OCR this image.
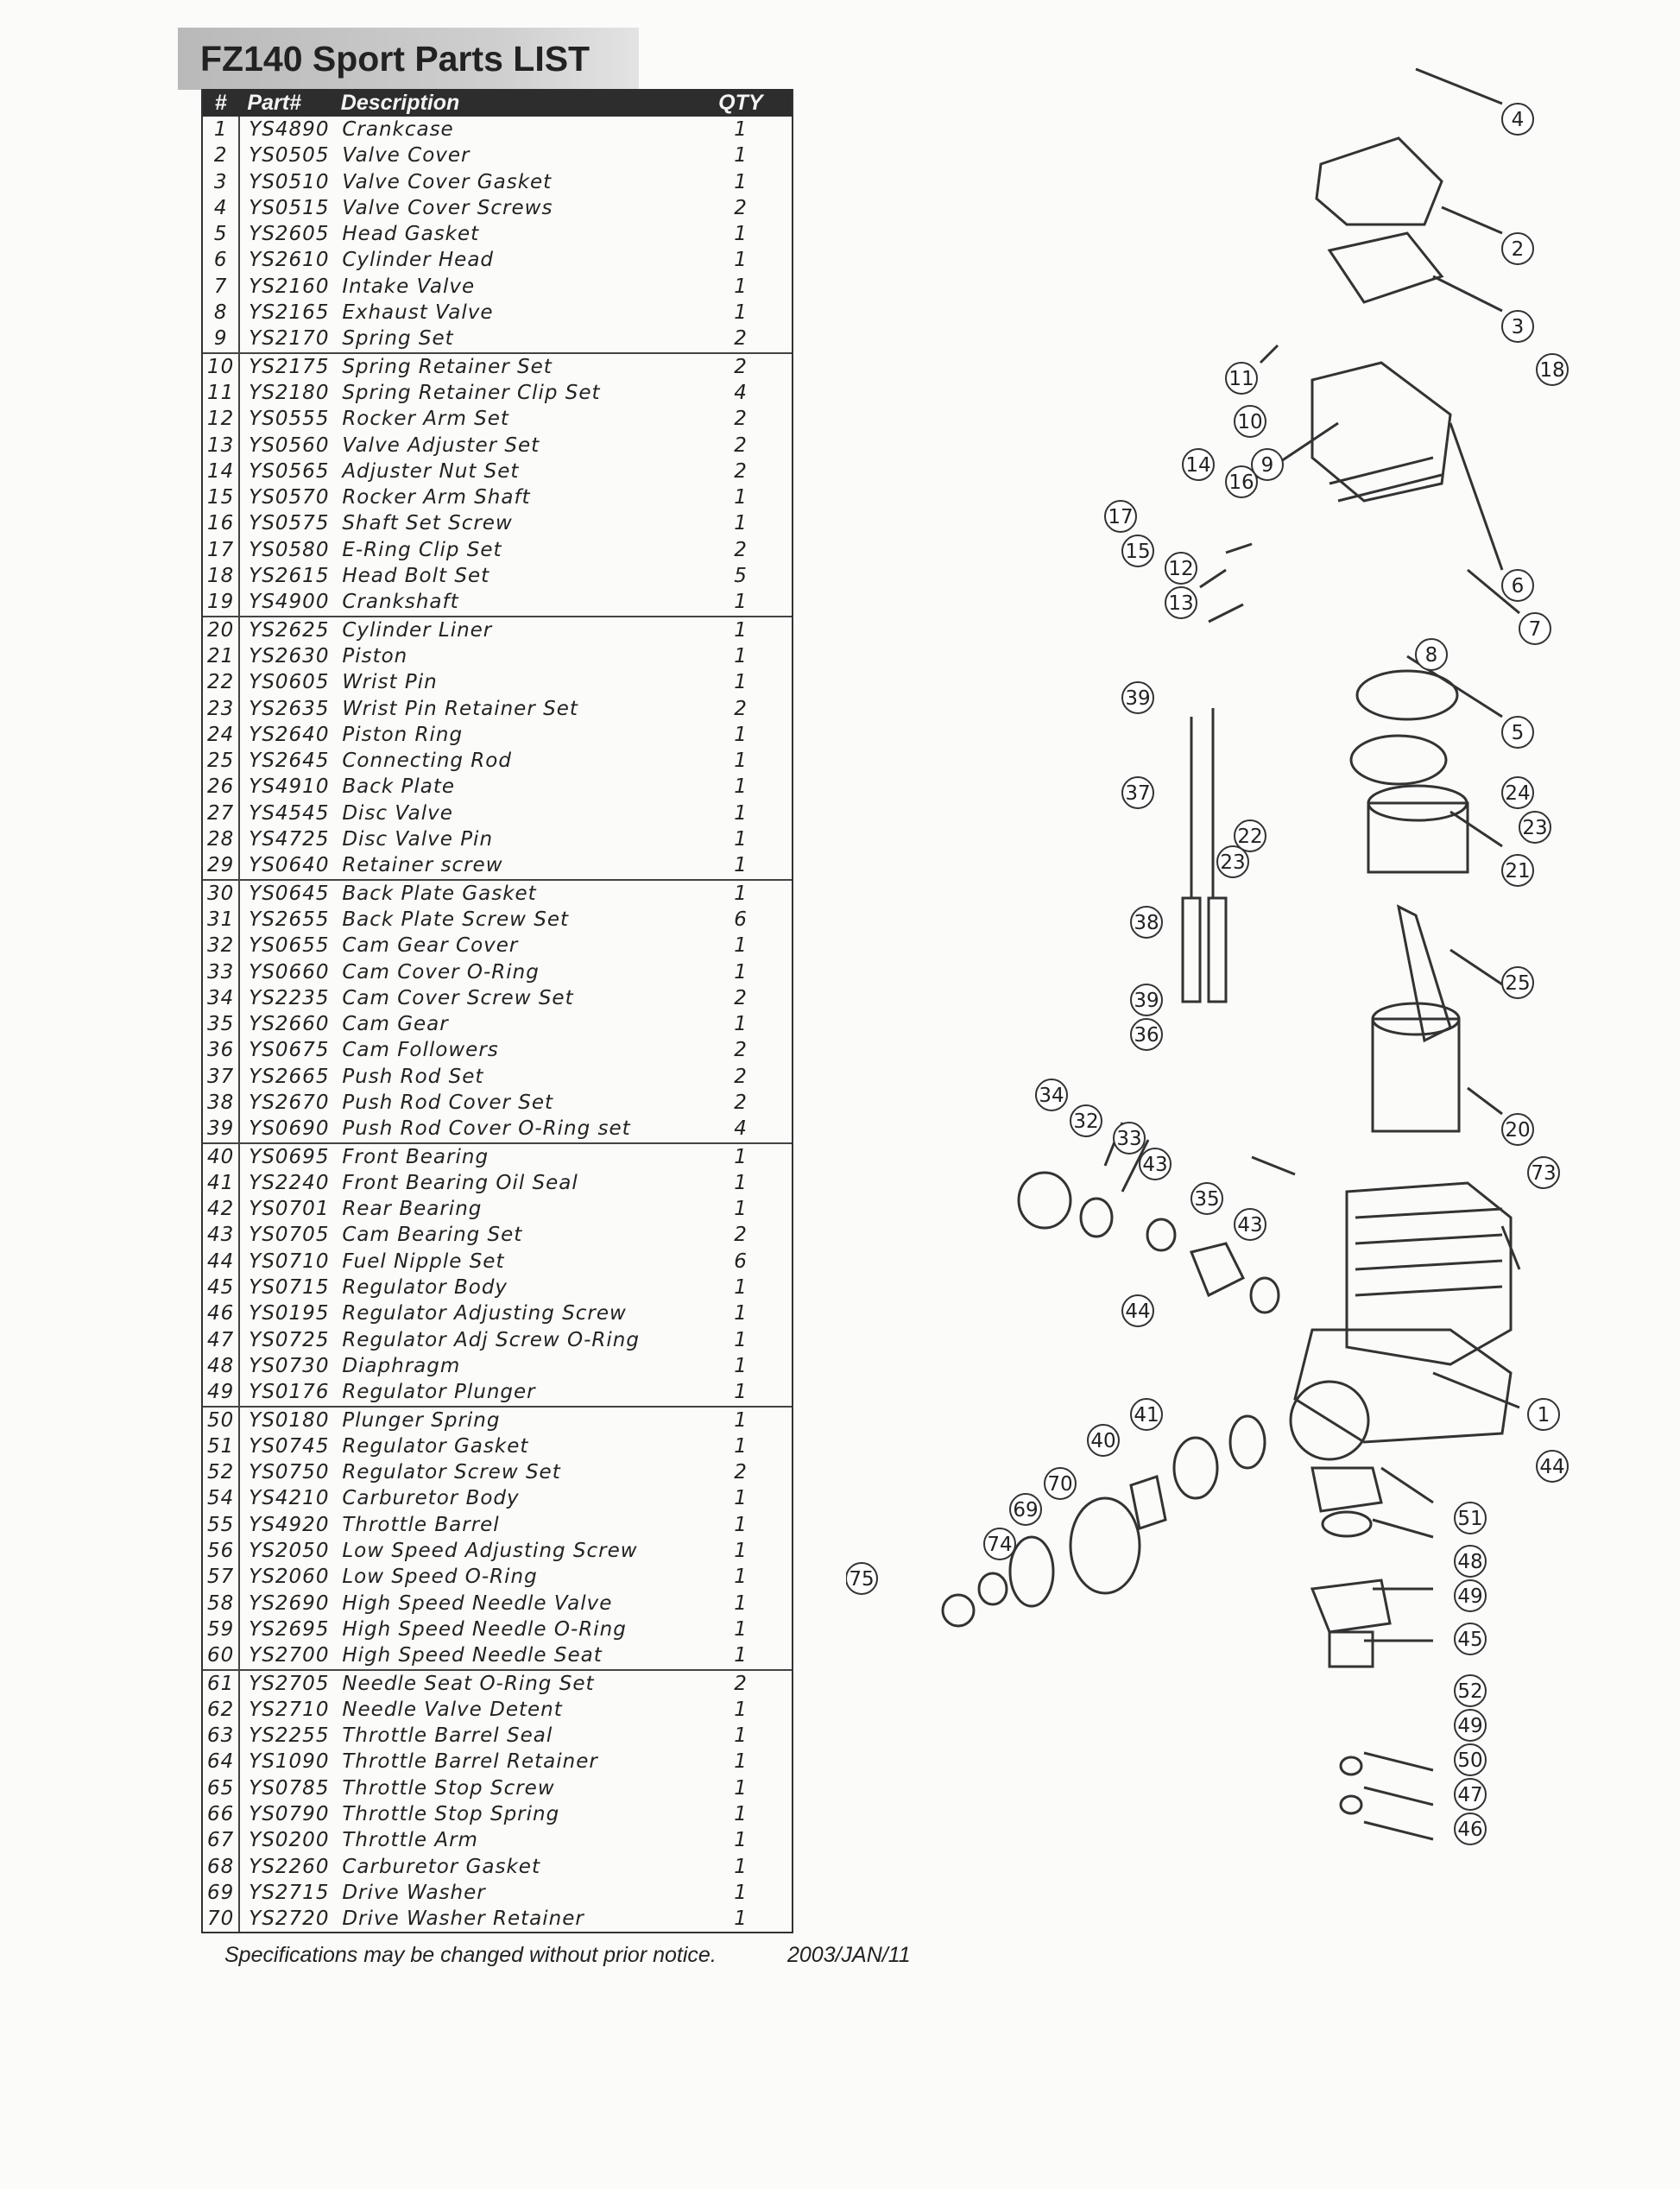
FZ140 Sport Parts LIST
# Part#	Description	QTY
1	YS4890 Crankcase	1
2	YS0505 Valve Cover	1
3	YS0510 Valve Cover Gasket	1
4	YS0515 Valve Cover Screws	2
5	YS2605 Head Gasket	1
6	YS2610 Cylinder Head	1
7	YS2160 Intake Valve	1
8	YS2165 Exhaust Valve	1
9	YS2170 Spring Set	2
10 YS2175 Spring Retainer Set	2
11 YS2180 Spring Retainer Clip Set	4
12 YS0555 Rocker Arm Set	2
13 YS0560 Valve Adjuster Set	2
14 YS0565 Adjuster Nut Set	2
15 YS0570 Rocker Arm Shaft	1
16 YS0575 Shaft Set Screw	1
17 YS0580 E-Ring Clip Set	2
18 YS2615 Head Bolt Set	5
19 YS4900 Crankshaft	1
20 YS2625 Cylinder Liner	1
21 YS2630 Piston	1
22 YS0605 Wrist Pin	1
23 YS2635 Wrist Pin Retainer Set	2
24 YS2640 Piston Ring	1
25 YS2645 Connecting Rod	1
26 YS4910 Back Plate	1
27 YS4545 Disc Valve	1
28 YS4725 Disc Valve Pin	1
29 YS0640 Retainer screw	1
30 YS0645 Back Plate Gasket	1
31 YS2655 Back Plate Screw Set	6
32 YS0655 Cam Gear Cover	1
33 YS0660 Cam Cover O-Ring	1
34 YS2235 Cam Cover Screw Set	2
35 YS2660 Cam Gear	1
36 YS0675 Cam Followers	2
37 YS2665 Push Rod Set	2
38 YS2670 Push Rod Cover Set	2
39 YS0690 Push Rod Cover O-Ring set	4
40 YS0695 Front Bearing	1
41 YS2240 Front Bearing Oil Seal	1
42 YS0701 Rear Bearing	1
43 YS0705 Cam Bearing Set	2
44 YS0710 Fuel Nipple Set	6
45 YS0715 Regulator Body	1
46 YS0195 Regulator Adjusting Screw	1
47 YS0725 Regulator Adj Screw O-Ring	1
48 YS0730 Diaphragm	1
49 YS0176 Regulator Plunger	1
50 YS0180 Plunger Spring	1
51 YS0745 Regulator Gasket	1
52 YS0750 Regulator Screw Set	2
54 YS4210 Carburetor Body	1
55 YS4920 Throttle Barrel	1
56 YS2050 Low Speed Adjusting Screw	1
57 YS2060 Low Speed O-Ring	1
58 YS2690 High Speed Needle Valve	1
59 YS2695 High Speed Needle O-Ring	1
60 YS2700 High Speed Needle Seat	1
61 YS2705 Needle Seat O-Ring Set	2
62 YS2710 Needle Valve Detent	1
63 YS2255 Throttle Barrel Seal	1
64 YS1090 Throttle Barrel Retainer	1
65 YS0785 Throttle Stop Screw	1
66 YS0790 Throttle Stop Spring	1
67 YS0200 Throttle Arm	1
68 YS2260 Carburetor Gasket	1
69 YS2715 Drive Washer	1
70 YS2720 Drive Washer Retainer	1
Specifications may be changed without prior notice.	2003/JAN/11
4
2
3
18
11
10
9
14
16
17
15
12
13
6
7
8
39
5
24
23
21
37
22
23
38
25
39
36
20
34
32
33
43
35
73
43
44
41	1
40
70
44
69	51
74
48
75
49
45
52
49
50
47
46
